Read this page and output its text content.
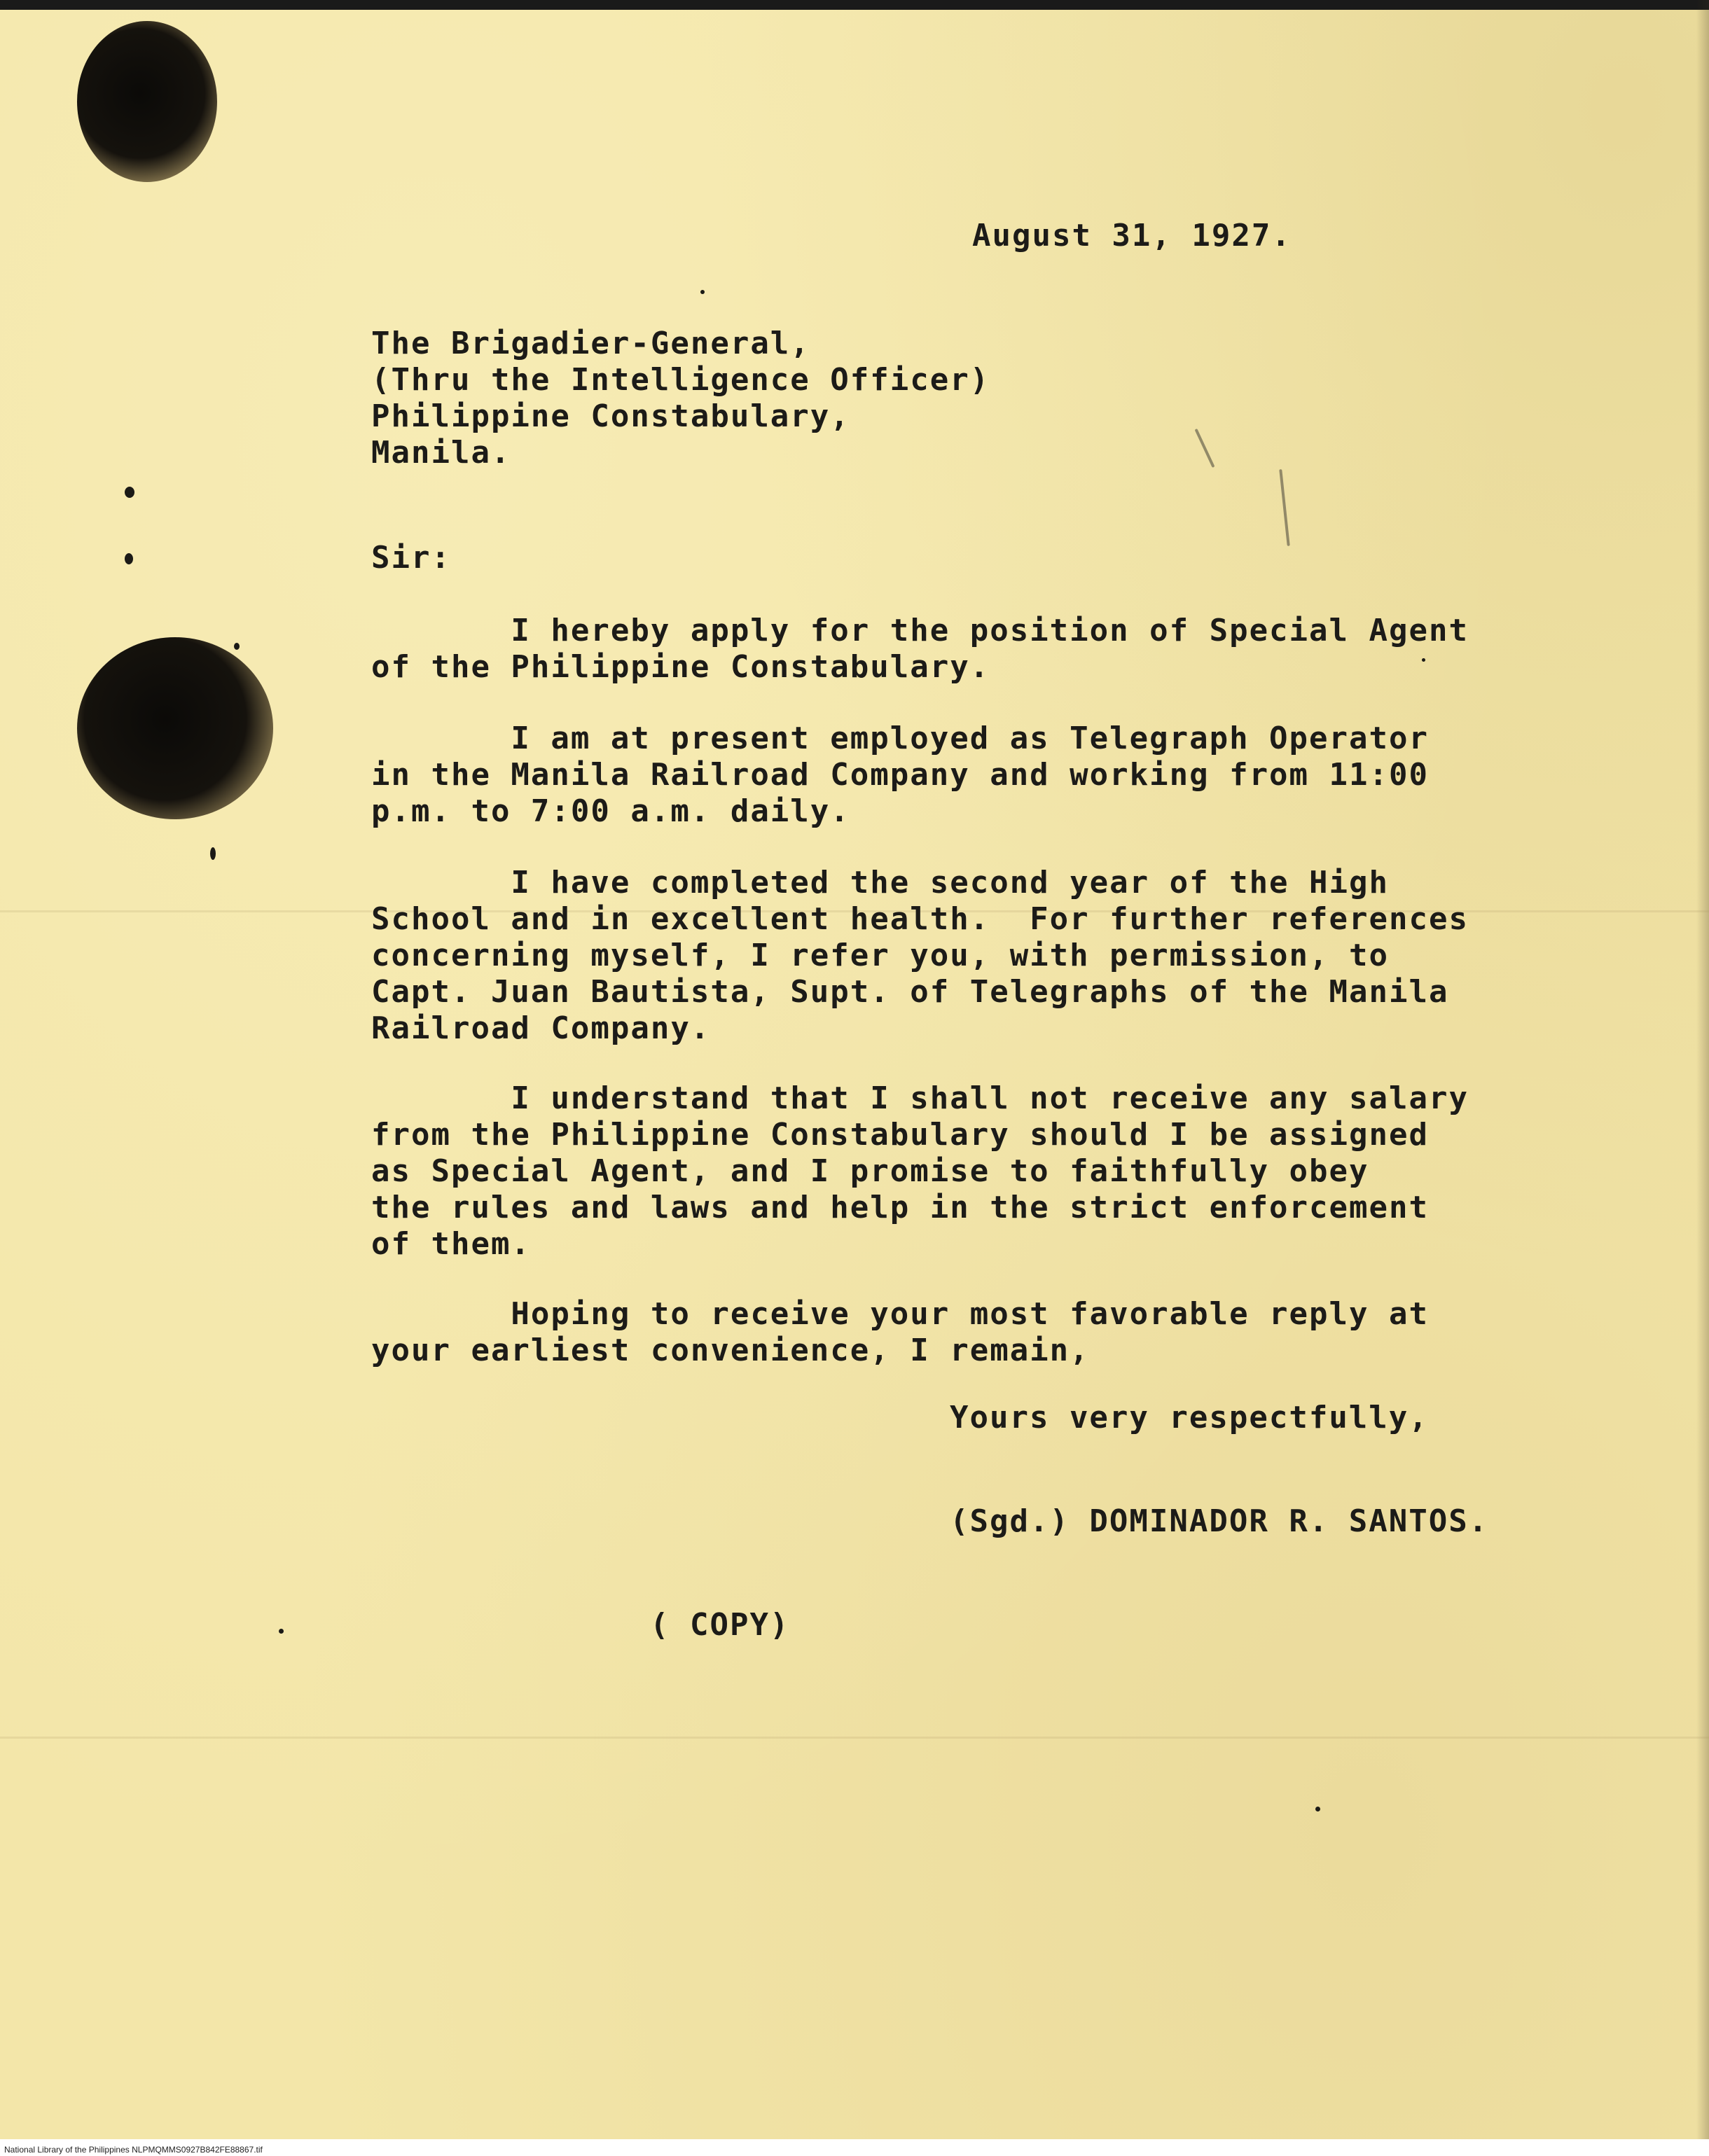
August 31, 1927.

The Brigadier-General,

(Thru the Intelligence Officer)

Philippine Constabulary,

Manila.

Sir:

I hereby apply for the position of Special Agent

of the Philippine Constabulary.

I am at present employed as Telegraph Operator

in the Manila Railroad Company and working from 11:00

p.m. to 7:00 a.m. daily.

I have completed the second year of the High

School and in excellent health.  For further references

concerning myself, I refer you, with permission, to

Capt. Juan Bautista, Supt. of Telegraphs of the Manila

Railroad Company.

I understand that I shall not receive any salary

from the Philippine Constabulary should I be assigned

as Special Agent, and I promise to faithfully obey

the rules and laws and help in the strict enforcement

of them.

Hoping to receive your most favorable reply at

your earliest convenience, I remain,

Yours very respectfully,

(Sgd.) DOMINADOR R. SANTOS.

( COPY)

National Library of the Philippines NLPMQMMS0927B842FE88867.tif
